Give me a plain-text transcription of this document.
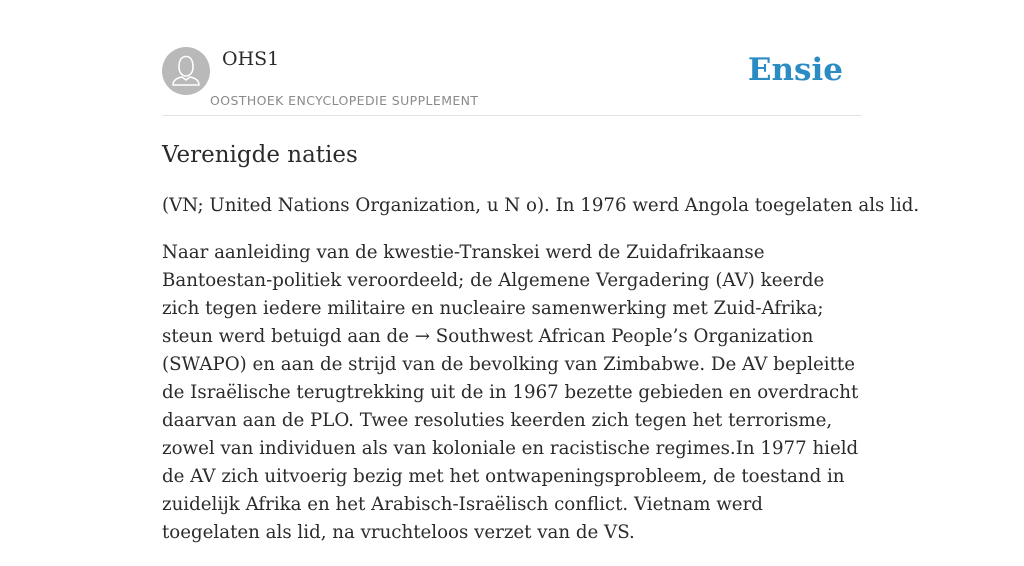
OHS1
OOSTHOEK ENCYCLOPEDIE SUPPLEMENT
Ensie
Verenigde naties

(VN; United Nations Organization, u N o). In 1976 werd Angola toegelaten als lid.

Naar aanleiding van de kwestie-Transkei werd de Zuidafrikaanse Bantoestan-politiek veroordeeld; de Algemene Vergadering (AV) keerde zich tegen iedere militaire en nucleaire samenwerking met Zuid-Afrika; steun werd betuigd aan de → Southwest African People’s Organization (SWAPO) en aan de strijd van de bevolking van Zimbabwe. De AV bepleitte de Israëlische terugtrekking uit de in 1967 bezette gebieden en overdracht daarvan aan de PLO. Twee resoluties keerden zich tegen het terrorisme, zowel van individuen als van koloniale en racistische regimes.In 1977 hield de AV zich uitvoerig bezig met het ontwapeningsprobleem, de toestand in zuidelijk Afrika en het Arabisch-Israëlisch conflict. Vietnam werd toegelaten als lid, na vruchteloos verzet van de VS.
